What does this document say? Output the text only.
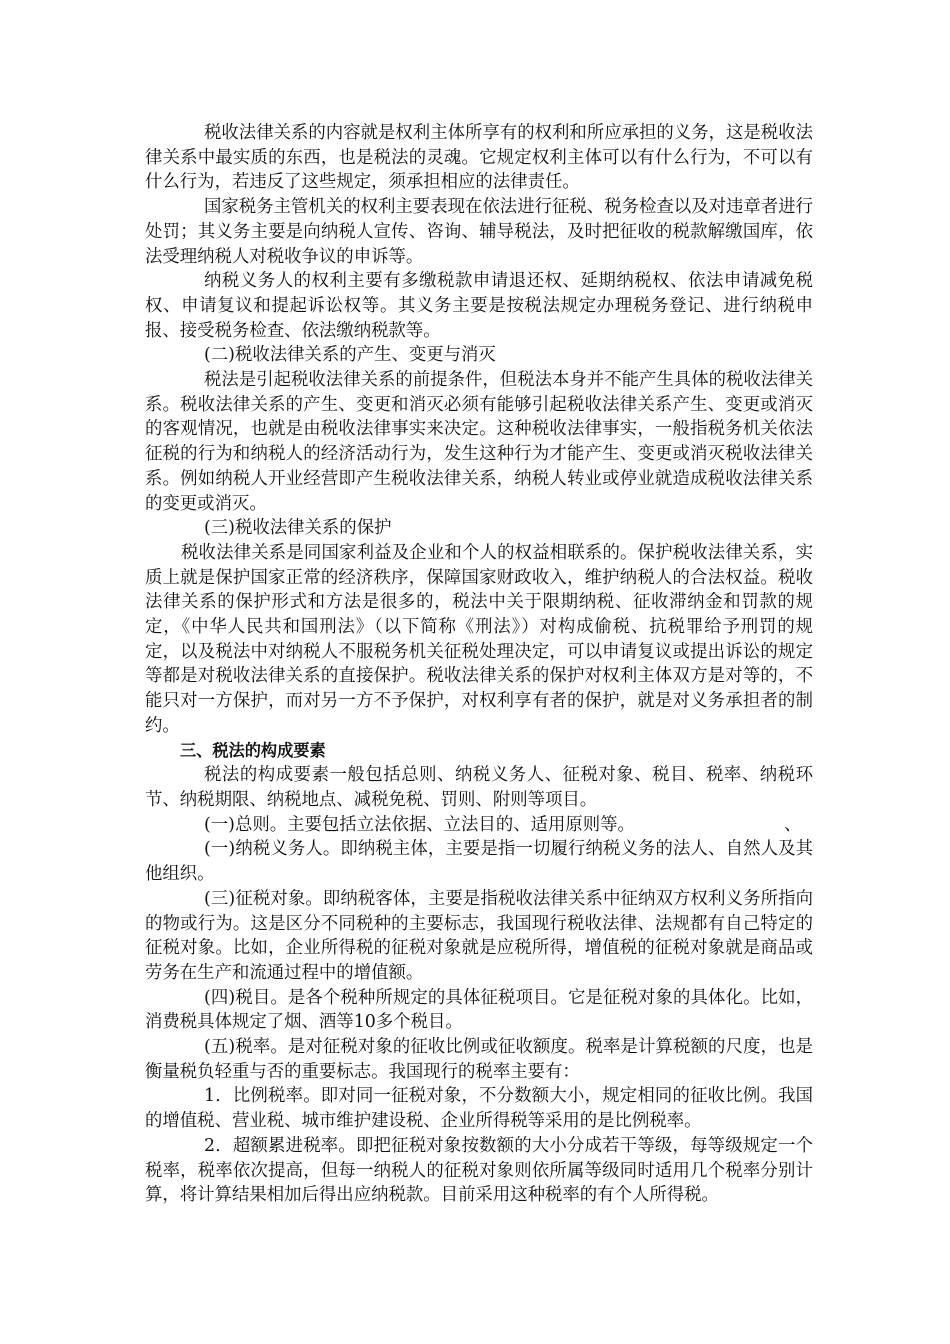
税收法律关系的内容就是权利主体所享有的权利和所应承担的义务，这是税收法律关系中最实质的东西，也是税法的灵魂。它规定权利主体可以有什么行为，不可以有什么行为，若违反了这些规定，须承担相应的法律责任。

国家税务主管机关的权利主要表现在依法进行征税、税务检查以及对违章者进行处罚；其义务主要是向纳税人宣传、咨询、辅导税法，及时把征收的税款解缴国库，依法受理纳税人对税收争议的申诉等。

纳税义务人的权利主要有多缴税款申请退还权、延期纳税权、依法申请减免税权、申请复议和提起诉讼权等。其义务主要是按税法规定办理税务登记、进行纳税申报、接受税务检查、依法缴纳税款等。

(二)税收法律关系的产生、变更与消灭

税法是引起税收法律关系的前提条件，但税法本身并不能产生具体的税收法律关系。税收法律关系的产生、变更和消灭必须有能够引起税收法律关系产生、变更或消灭的客观情况，也就是由税收法律事实来决定。这种税收法律事实，一般指税务机关依法征税的行为和纳税人的经济活动行为，发生这种行为才能产生、变更或消灭税收法律关系。例如纳税人开业经营即产生税收法律关系，纳税人转业或停业就造成税收法律关系的变更或消灭。

(三)税收法律关系的保护

税收法律关系是同国家利益及企业和个人的权益相联系的。保护税收法律关系，实质上就是保护国家正常的经济秩序，保障国家财政收入，维护纳税人的合法权益。税收法律关系的保护形式和方法是很多的，税法中关于限期纳税、征收滞纳金和罚款的规定，《中华人民共和国刑法》（以下简称《刑法》）对构成偷税、抗税罪给予刑罚的规定，以及税法中对纳税人不服税务机关征税处理决定，可以申请复议或提出诉讼的规定等都是对税收法律关系的直接保护。税收法律关系的保护对权利主体双方是对等的，不能只对一方保护，而对另一方不予保护，对权利享有者的保护，就是对义务承担者的制约。

三、税法的构成要素

税法的构成要素一般包括总则、纳税义务人、征税对象、税目、税率、纳税环节、纳税期限、纳税地点、减税免税、罚则、附则等项目。

(一)总则。主要包括立法依据、立法目的、适用原则等。	、

(一)纳税义务人。即纳税主体，主要是指一切履行纳税义务的法人、自然人及其他组织。

(三)征税对象。即纳税客体，主要是指税收法律关系中征纳双方权利义务所指向的物或行为。这是区分不同税种的主要标志，我国现行税收法律、法规都有自己特定的征税对象。比如，企业所得税的征税对象就是应税所得，增值税的征税对象就是商品或劳务在生产和流通过程中的增值额。

(四)税目。是各个税种所规定的具体征税项目。它是征税对象的具体化。比如，消费税具体规定了烟、酒等10多个税目。

(五)税率。是对征税对象的征收比例或征收额度。税率是计算税额的尺度，也是衡量税负轻重与否的重要标志。我国现行的税率主要有：

1．比例税率。即对同一征税对象，不分数额大小，规定相同的征收比例。我国的增值税、营业税、城市维护建设税、企业所得税等采用的是比例税率。

2．超额累进税率。即把征税对象按数额的大小分成若干等级，每等级规定一个税率，税率依次提高，但每一纳税人的征税对象则依所属等级同时适用几个税率分别计算，将计算结果相加后得出应纳税款。目前采用这种税率的有个人所得税。
